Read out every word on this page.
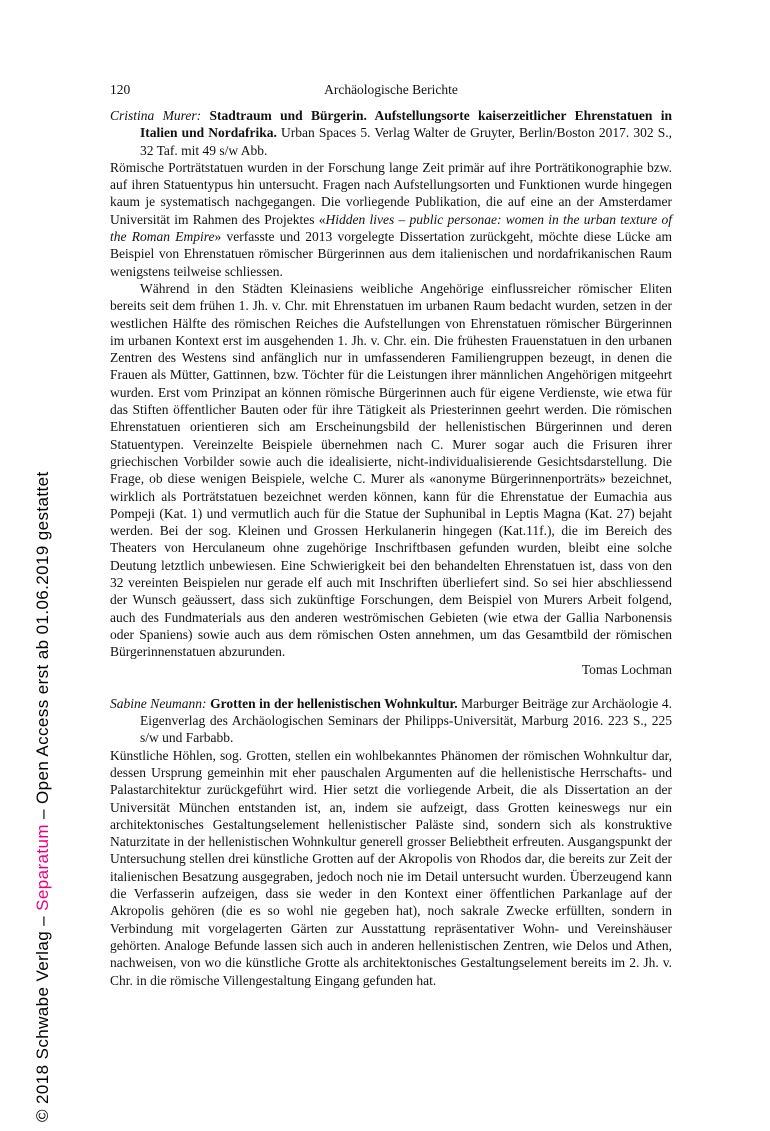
© 2018 Schwabe Verlag – Separatum – Open Access erst ab 01.06.2019 gestattet
120	Archäologische Berichte

Cristina Murer: Stadtraum und Bürgerin. Aufstellungsorte kaiserzeitlicher Ehrenstatuen in Italien und Nordafrika. Urban Spaces 5. Verlag Walter de Gruyter, Berlin/Boston 2017. 302 S., 32 Taf. mit 49 s/w Abb.

Römische Porträtstatuen wurden in der Forschung lange Zeit primär auf ihre Porträtikonographie bzw. auf ihren Statuentypus hin untersucht. Fragen nach Aufstellungsorten und Funktionen wurde hingegen kaum je systematisch nachgegangen. Die vorliegende Publikation, die auf eine an der Amsterdamer Universität im Rahmen des Projektes «Hidden lives – public personae: women in the urban texture of the Roman Empire» verfasste und 2013 vorgelegte Dissertation zurückgeht, möchte diese Lücke am Beispiel von Ehrenstatuen römischer Bürgerinnen aus dem italienischen und nordafrikanischen Raum wenigstens teilweise schliessen.

Während in den Städten Kleinasiens weibliche Angehörige einflussreicher römischer Eliten bereits seit dem frühen 1. Jh. v. Chr. mit Ehrenstatuen im urbanen Raum bedacht wurden, setzen in der westlichen Hälfte des römischen Reiches die Aufstellungen von Ehrenstatuen römischer Bürgerinnen im urbanen Kontext erst im ausgehenden 1. Jh. v. Chr. ein. Die frühesten Frauenstatuen in den urbanen Zentren des Westens sind anfänglich nur in umfassenderen Familiengruppen bezeugt, in denen die Frauen als Mütter, Gattinnen, bzw. Töchter für die Leistungen ihrer männlichen Angehörigen mitgeehrt wurden. Erst vom Prinzipat an können römische Bürgerinnen auch für eigene Verdienste, wie etwa für das Stiften öffentlicher Bauten oder für ihre Tätigkeit als Priesterinnen geehrt werden. Die römischen Ehrenstatuen orientieren sich am Erscheinungsbild der hellenistischen Bürgerinnen und deren Statuentypen. Vereinzelte Beispiele übernehmen nach C. Murer sogar auch die Frisuren ihrer griechischen Vorbilder sowie auch die idealisierte, nicht-individualisierende Gesichtsdarstellung. Die Frage, ob diese wenigen Beispiele, welche C. Murer als «anonyme Bürgerinnenporträts» bezeichnet, wirklich als Porträtstatuen bezeichnet werden können, kann für die Ehrenstatue der Eumachia aus Pompeji (Kat. 1) und vermutlich auch für die Statue der Suphunibal in Leptis Magna (Kat. 27) bejaht werden. Bei der sog. Kleinen und Grossen Herkulanerin hingegen (Kat.11f.), die im Bereich des Theaters von Herculaneum ohne zugehörige Inschriftbasen gefunden wurden, bleibt eine solche Deutung letztlich unbewiesen. Eine Schwierigkeit bei den behandelten Ehrenstatuen ist, dass von den 32 vereinten Beispielen nur gerade elf auch mit Inschriften überliefert sind. So sei hier abschliessend der Wunsch geäussert, dass sich zukünftige Forschungen, dem Beispiel von Murers Arbeit folgend, auch des Fundmaterials aus den anderen weströmischen Gebieten (wie etwa der Gallia Narbonensis oder Spaniens) sowie auch aus dem römischen Osten annehmen, um das Gesamtbild der römischen Bürgerinnenstatuen abzurunden.

Tomas Lochman

Sabine Neumann: Grotten in der hellenistischen Wohnkultur. Marburger Beiträge zur Archäologie 4. Eigenverlag des Archäologischen Seminars der Philipps-Universität, Marburg 2016. 223 S., 225 s/w und Farbabb.

Künstliche Höhlen, sog. Grotten, stellen ein wohlbekanntes Phänomen der römischen Wohnkultur dar, dessen Ursprung gemeinhin mit eher pauschalen Argumenten auf die hellenistische Herrschafts- und Palastarchitektur zurückgeführt wird. Hier setzt die vorliegende Arbeit, die als Dissertation an der Universität München entstanden ist, an, indem sie aufzeigt, dass Grotten keineswegs nur ein architektonisches Gestaltungselement hellenistischer Paläste sind, sondern sich als konstruktive Naturzitate in der hellenistischen Wohnkultur generell grosser Beliebtheit erfreuten. Ausgangspunkt der Untersuchung stellen drei künstliche Grotten auf der Akropolis von Rhodos dar, die bereits zur Zeit der italienischen Besatzung ausgegraben, jedoch noch nie im Detail untersucht wurden. Überzeugend kann die Verfasserin aufzeigen, dass sie weder in den Kontext einer öffentlichen Parkanlage auf der Akropolis gehören (die es so wohl nie gegeben hat), noch sakrale Zwecke erfüllten, sondern in Verbindung mit vorgelagerten Gärten zur Ausstattung repräsentativer Wohn- und Vereinshäuser gehörten. Analoge Befunde lassen sich auch in anderen hellenistischen Zentren, wie Delos und Athen, nachweisen, von wo die künstliche Grotte als architektonisches Gestaltungselement bereits im 2. Jh. v. Chr. in die römische Villengestaltung Eingang gefunden hat.
